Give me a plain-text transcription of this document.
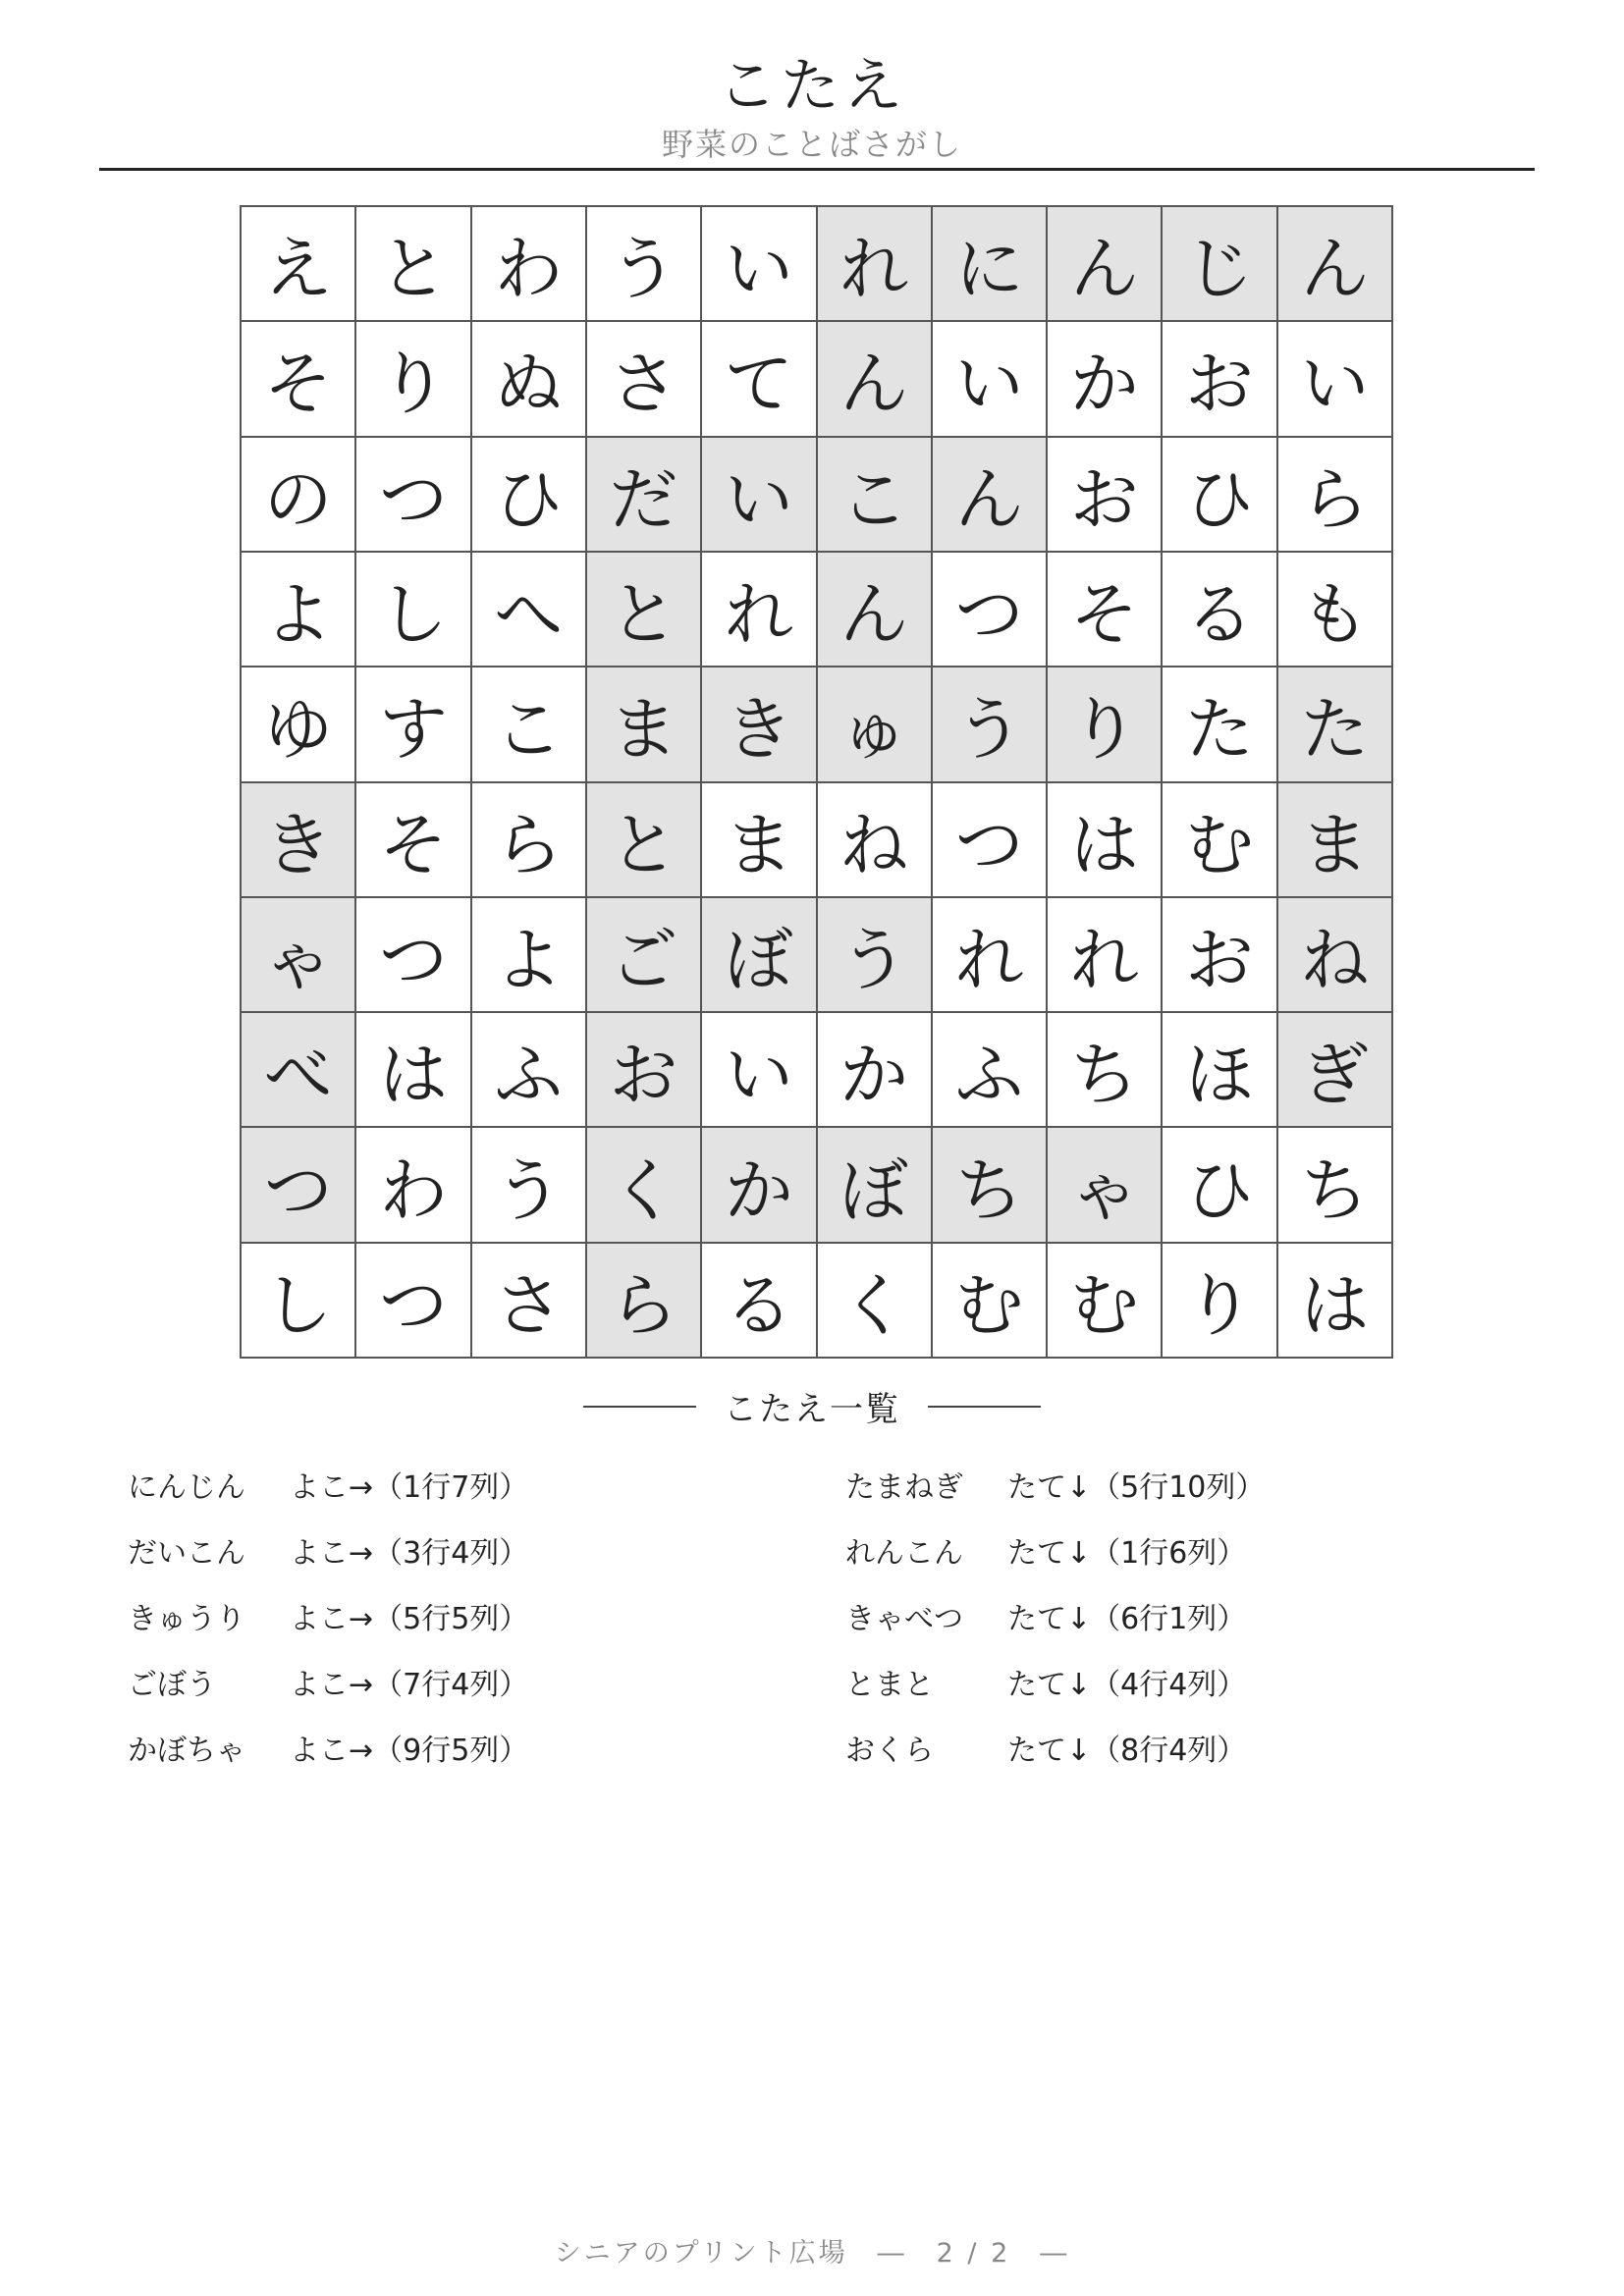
こたえ
野菜のことばさがし
え と わ う い れ に ん じ ん
そ り ぬ さ て ん い か お い
の つ ひ だ い こ ん お ひ ら
よ し へ と れ ん つ そ る も
ゆ す こ ま き ゅ う り た た
き そ ら と ま ね つ は む ま
ゃ つ よ ご ぼ う れ れ お ね
べ は ふ お い か ふ ち ほ ぎ
つ わ う く か ぼ ち ゃ ひ ち
し つ さ ら る く む む り は
こたえ一覧
にんじん よこ→（1行7列）
だいこん よこ→（3行4列）
きゅうり よこ→（5行5列）
ごぼう	よこ→（7行4列）
かぼちゃ よこ→（9行5列）
たまねぎ たて↓（5行10列）
れんこん たて↓（1行6列）
きゃべつ たて↓（6行1列）
とまと	たて↓（4行4列）
おくら	たて↓（8行4列）
シニアのプリント広場　―　2 / 2　―
